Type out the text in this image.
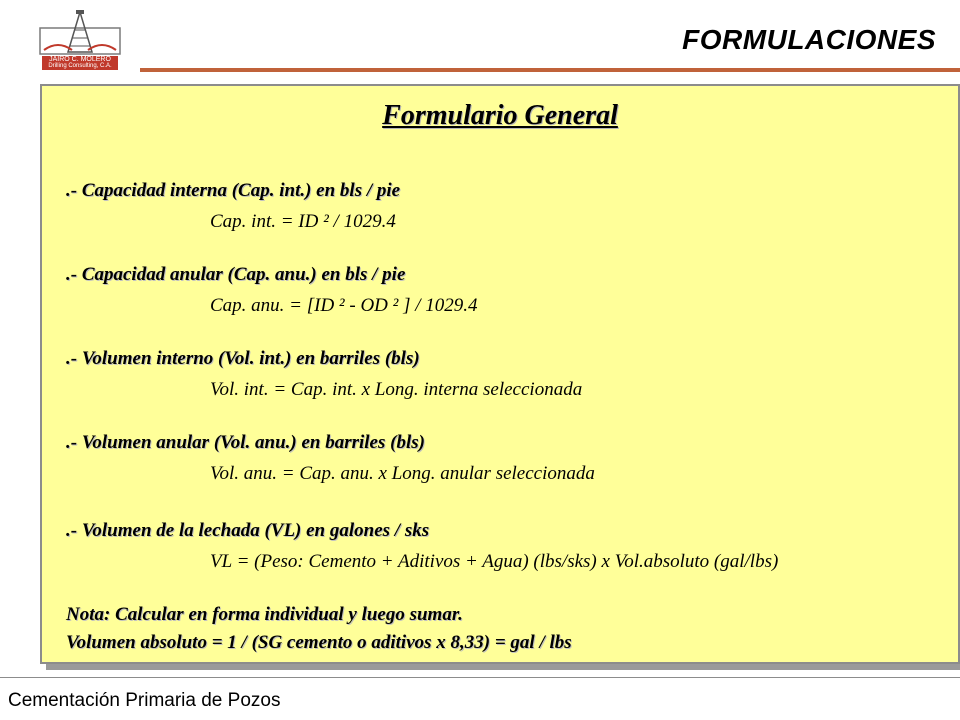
JAIRO C. MOLERO
Drilling Consulting, C.A.
FORMULACIONES
Formulario General
.- Capacidad interna (Cap. int.) en bls / pie
Cap. int. = ID ² / 1029.4
.- Capacidad anular (Cap. anu.) en bls / pie
Cap. anu. = [ID ² - OD ² ] / 1029.4
.- Volumen interno (Vol. int.) en barriles (bls)
Vol. int. = Cap. int. x Long. interna seleccionada
.- Volumen anular (Vol. anu.) en barriles (bls)
Vol. anu. = Cap. anu. x Long. anular seleccionada
.- Volumen de la lechada (VL) en galones / sks
VL = (Peso: Cemento + Aditivos + Agua) (lbs/sks) x Vol.absoluto (gal/lbs)
Nota: Calcular en forma individual y luego sumar.
Volumen absoluto = 1 / (SG cemento o aditivos x 8,33) = gal / lbs
Cementación Primaria de Pozos
